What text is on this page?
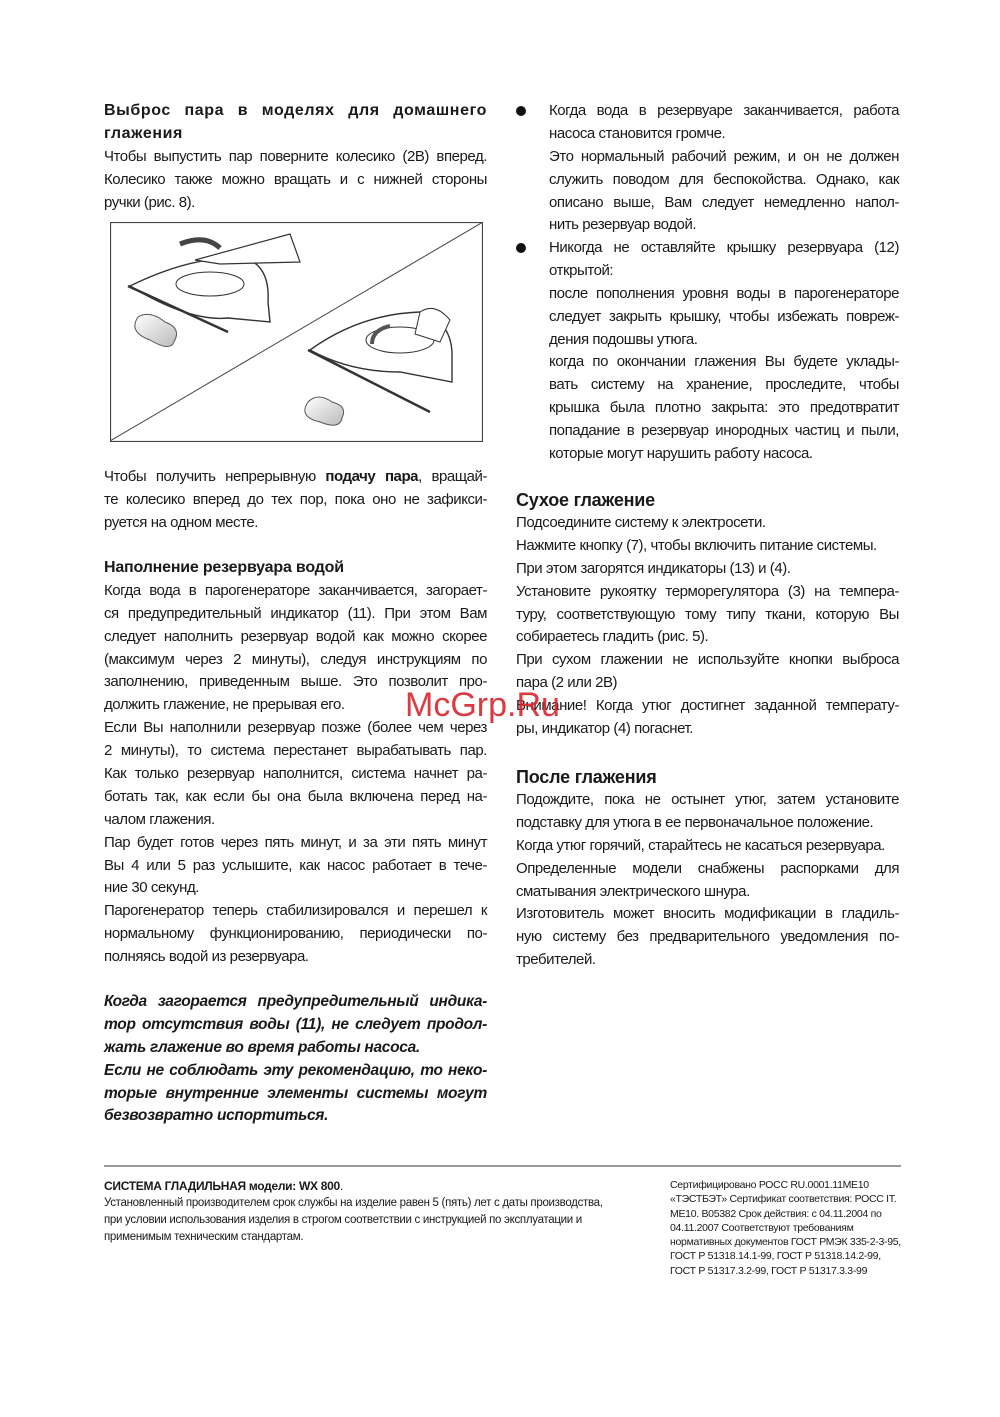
Выброс пара в моделях для домашнего
глажения
Чтобы выпустить пар поверните колесико (2B) вперед.
Колесико также можно вращать и с нижней стороны
ручки (рис. 8).
Чтобы получить непрерывную подачу пара, вращай-
те колесико вперед до тех пор, пока оно не зафикси-
руется на одном месте.
Наполнение резервуара водой
Когда вода в парогенераторе заканчивается, загорает-
ся предупредительный индикатор (11). При этом Вам
следует наполнить резервуар водой как можно скорее
(максимум через 2 минуты), следуя инструкциям по
заполнению, приведенным выше. Это позволит про-
должить глажение, не прерывая его.
Если Вы наполнили резервуар позже (более чем через
2 минуты), то система перестанет вырабатывать пар.
Как только резервуар наполнится, система начнет ра-
ботать так, как если бы она была включена перед на-
чалом глажения.
Пар будет готов через пять минут, и за эти пять минут
Вы 4 или 5 раз услышите, как насос работает в тече-
ние 30 секунд.
Парогенератор теперь стабилизировался и перешел к
нормальному функционированию, периодически по-
полняясь водой из резервуара.
Когда загорается предупредительный индика-
тор отсутствия воды (11), не следует продол-
жать глажение во время работы насоса.
Если не соблюдать эту рекомендацию, то неко-
торые внутренние элементы системы могут
безвозвратно испортиться.
Когда вода в резервуаре заканчивается, работа
насоса становится громче.
Это нормальный рабочий режим, и он не должен
служить поводом для беспокойства. Однако, как
описано выше, Вам следует немедленно напол-
нить резервуар водой.
Никогда не оставляйте крышку резервуара (12)
открытой:
после пополнения уровня воды в парогенераторе
следует закрыть крышку, чтобы избежать повреж-
дения подошвы утюга.
когда по окончании глажения Вы будете уклады-
вать систему на хранение, проследите, чтобы
крышка была плотно закрыта: это предотвратит
попадание в резервуар инородных частиц и пыли,
которые могут нарушить работу насоса.
Сухое глажение
Подсоедините систему к электросети.
Нажмите кнопку (7), чтобы включить питание системы.
При этом загорятся индикаторы (13) и (4).
Установите рукоятку терморегулятора (3) на темпера-
туру, соответствующую тому типу ткани, которую Вы
собираетесь гладить (рис. 5).
При сухом глажении не используйте кнопки выброса
пара (2 или 2B)
Внимание! Когда утюг достигнет заданной температу-
ры, индикатор (4) погаснет.
После глажения
Подождите, пока не остынет утюг, затем установите
подставку для утюга в ее первоначальное положение.
Когда утюг горячий, старайтесь не касаться резервуара.
Определенные модели снабжены распорками для
сматывания электрического шнура.
Изготовитель может вносить модификации в гладиль-
ную систему без предварительного уведомления по-
требителей.
McGrp.Ru
СИСТЕМА ГЛАДИЛЬНАЯ модели: WX 800.
Установленный производителем срок службы на изделие равен 5 (пять) лет с даты производства,
при условии использования изделия в строгом соответствии с инструкцией по эксплуатации и
применимым техническим стандартам.
Сертифицировано РОСС RU.0001.11МЕ10
«ТЭСТБЭТ» Сертификат соответствия: РОСС IT.
МЕ10. В05382 Срок действия: с 04.11.2004 по
04.11.2007 Соответствуют требованиям
нормативных документов ГОСТ РМЭК 335-2-3-95,
ГОСТ Р 51318.14.1-99, ГОСТ Р 51318.14.2-99,
ГОСТ Р 51317.3.2-99, ГОСТ Р 51317.3.3-99
